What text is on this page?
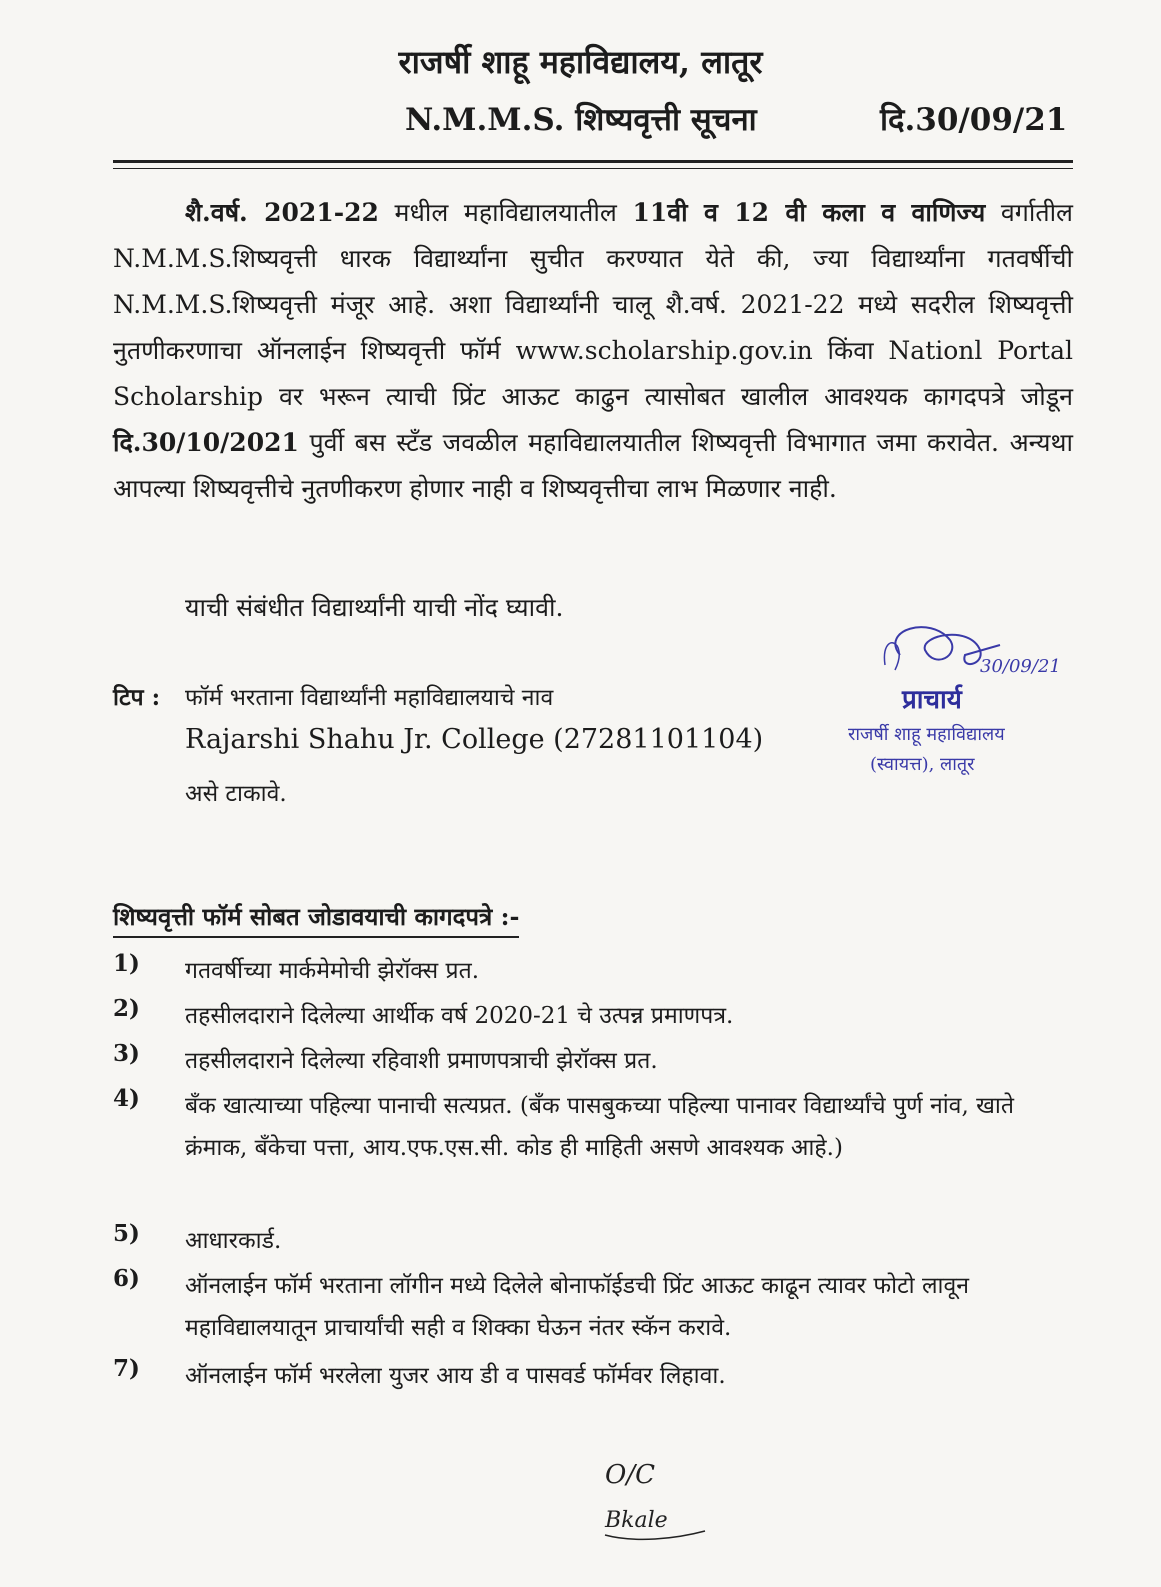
राजर्षी शाहू महाविद्यालय, लातूर
N.M.M.S. शिष्यवृत्ती सूचना	दि.30/09/21

शै.वर्ष. 2021-22 मधील महाविद्यालयातील 11वी व 12 वी कला व वाणिज्य वर्गातील N.M.M.S.शिष्यवृत्ती धारक विद्यार्थ्यांना सुचीत करण्यात येते की, ज्या विद्यार्थ्यांना गतवर्षीची N.M.M.S.शिष्यवृत्ती मंजूर आहे. अशा विद्यार्थ्यांनी चालू शै.वर्ष. 2021-22 मध्ये सदरील शिष्यवृत्ती नुतणीकरणाचा ऑनलाईन शिष्यवृत्ती फॉर्म www.scholarship.gov.in किंवा Nationl Portal Scholarship वर भरून त्याची प्रिंट आऊट काढुन त्यासोबत खालील आवश्यक कागदपत्रे जोडून दि.30/10/2021 पुर्वी बस स्टँड जवळील महाविद्यालयातील शिष्यवृत्ती विभागात जमा करावेत. अन्यथा आपल्या शिष्यवृत्तीचे नुतणीकरण होणार नाही व शिष्यवृत्तीचा लाभ मिळणार नाही.

याची संबंधीत विद्यार्थ्यांनी याची नोंद घ्यावी.
टिप : फॉर्म भरताना विद्यार्थ्यांनी महाविद्यालयाचे नाव
Rajarshi Shahu Jr. College (27281101104)
असे टाकावे.
30/09/21
प्राचार्य
राजर्षी शाहू महाविद्यालय
(स्वायत्त), लातूर
शिष्यवृत्ती फॉर्म सोबत जोडावयाची कागदपत्रे :-
1) गतवर्षीच्या मार्कमेमोची झेरॉक्स प्रत.
2) तहसीलदाराने दिलेल्या आर्थीक वर्ष 2020-21 चे उत्पन्न प्रमाणपत्र.
3) तहसीलदाराने दिलेल्या रहिवाशी प्रमाणपत्राची झेरॉक्स प्रत.
4) बँक खात्याच्या पहिल्या पानाची सत्यप्रत. (बँक पासबुकच्या पहिल्या पानावर विद्यार्थ्यांचे पुर्ण नांव, खाते क्रंमाक, बँकेचा पत्ता, आय.एफ.एस.सी. कोड ही माहिती असणे आवश्यक आहे.)
5) आधारकार्ड.
6) ऑनलाईन फॉर्म भरताना लॉगीन मध्ये दिलेले बोनाफॉईडची प्रिंट आऊट काढून त्यावर फोटो लावून महाविद्यालयातून प्राचार्यांची सही व शिक्का घेऊन नंतर स्कॅन करावे.
7) ऑनलाईन फॉर्म भरलेला युजर आय डी व पासवर्ड फॉर्मवर लिहावा.
O/C
Bkale
